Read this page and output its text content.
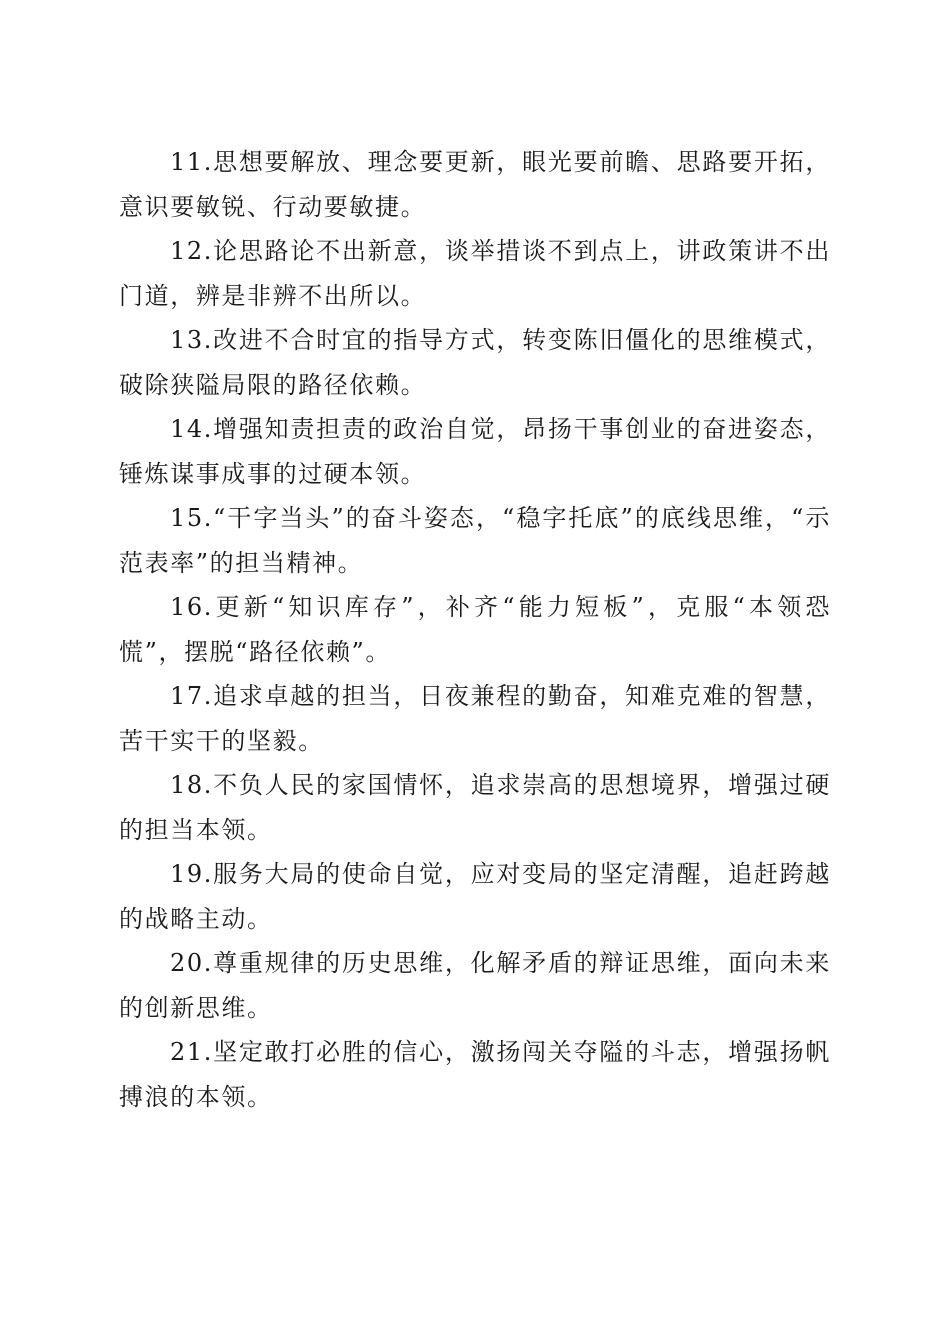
11.思想要解放、理念要更新，眼光要前瞻、思路要开拓，意识要敏锐、行动要敏捷。

12.论思路论不出新意，谈举措谈不到点上，讲政策讲不出门道，辨是非辨不出所以。

13.改进不合时宜的指导方式，转变陈旧僵化的思维模式，破除狭隘局限的路径依赖。

14.增强知责担责的政治自觉，昂扬干事创业的奋进姿态，锤炼谋事成事的过硬本领。

15.“干字当头”的奋斗姿态，“稳字托底”的底线思维，“示范表率”的担当精神。

16.更新“知识库存”，补齐“能力短板”，克服“本领恐慌”，摆脱“路径依赖”。

17.追求卓越的担当，日夜兼程的勤奋，知难克难的智慧，苦干实干的坚毅。

18.不负人民的家国情怀，追求崇高的思想境界，增强过硬的担当本领。

19.服务大局的使命自觉，应对变局的坚定清醒，追赶跨越的战略主动。

20.尊重规律的历史思维，化解矛盾的辩证思维，面向未来的创新思维。

21.坚定敢打必胜的信心，激扬闯关夺隘的斗志，增强扬帆搏浪的本领。
